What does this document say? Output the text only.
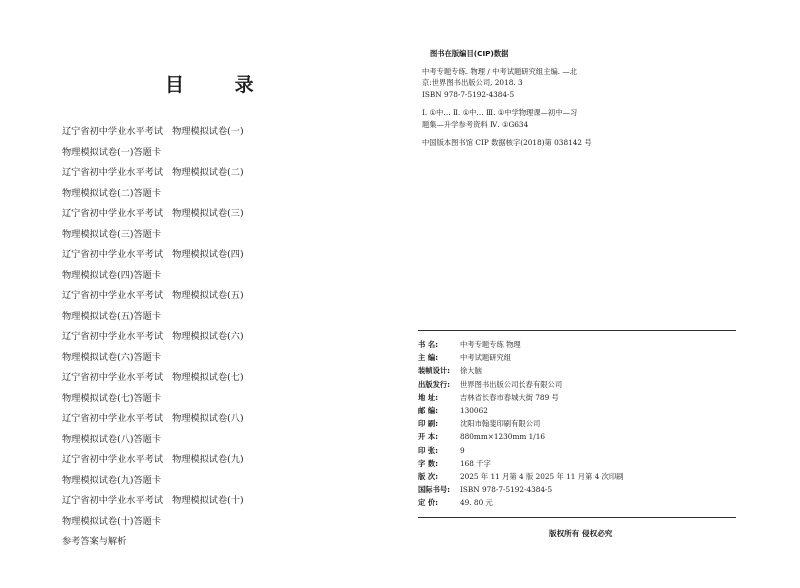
目 录
辽宁省初中学业水平考试 物理模拟试卷(一)
物理模拟试卷(一)答题卡
辽宁省初中学业水平考试 物理模拟试卷(二)
物理模拟试卷(二)答题卡
辽宁省初中学业水平考试 物理模拟试卷(三)
物理模拟试卷(三)答题卡
辽宁省初中学业水平考试 物理模拟试卷(四)
物理模拟试卷(四)答题卡
辽宁省初中学业水平考试 物理模拟试卷(五)
物理模拟试卷(五)答题卡
辽宁省初中学业水平考试 物理模拟试卷(六)
物理模拟试卷(六)答题卡
辽宁省初中学业水平考试 物理模拟试卷(七)
物理模拟试卷(七)答题卡
辽宁省初中学业水平考试 物理模拟试卷(八)
物理模拟试卷(八)答题卡
辽宁省初中学业水平考试 物理模拟试卷(九)
物理模拟试卷(九)答题卡
辽宁省初中学业水平考试 物理模拟试卷(十)
物理模拟试卷(十)答题卡
参考答案与解析
图书在版编目(CIP)数据
中考专题专练. 物理 / 中考试题研究组主编. —北
京:世界图书出版公司, 2018. 3
ISBN 978-7-5192-4384-5
Ⅰ. ①中… Ⅱ. ①中… Ⅲ. ①中学物理课—初中—习
题集—升学参考资料 Ⅳ. ①G634
中国版本图书馆 CIP 数据核字(2018)第 038142 号
书 名:	中考专题专练 物理
主 编:	中考试题研究组
装帧设计:	徐大脑
出版发行:	世界图书出版公司长春有限公司
地 址:	吉林省长春市春城大街 789 号
邮 编:	130062
印 刷:	沈阳市翰斐印刷有限公司
开 本:	880mm×1230mm 1/16
印 张:	9
字 数:	168 千字
版 次:	2025 年 11 月第 4 版 2025 年 11 月第 4 次印刷
国际书号:	ISBN 978-7-5192-4384-5
定 价:	49. 80 元
版权所有 侵权必究
